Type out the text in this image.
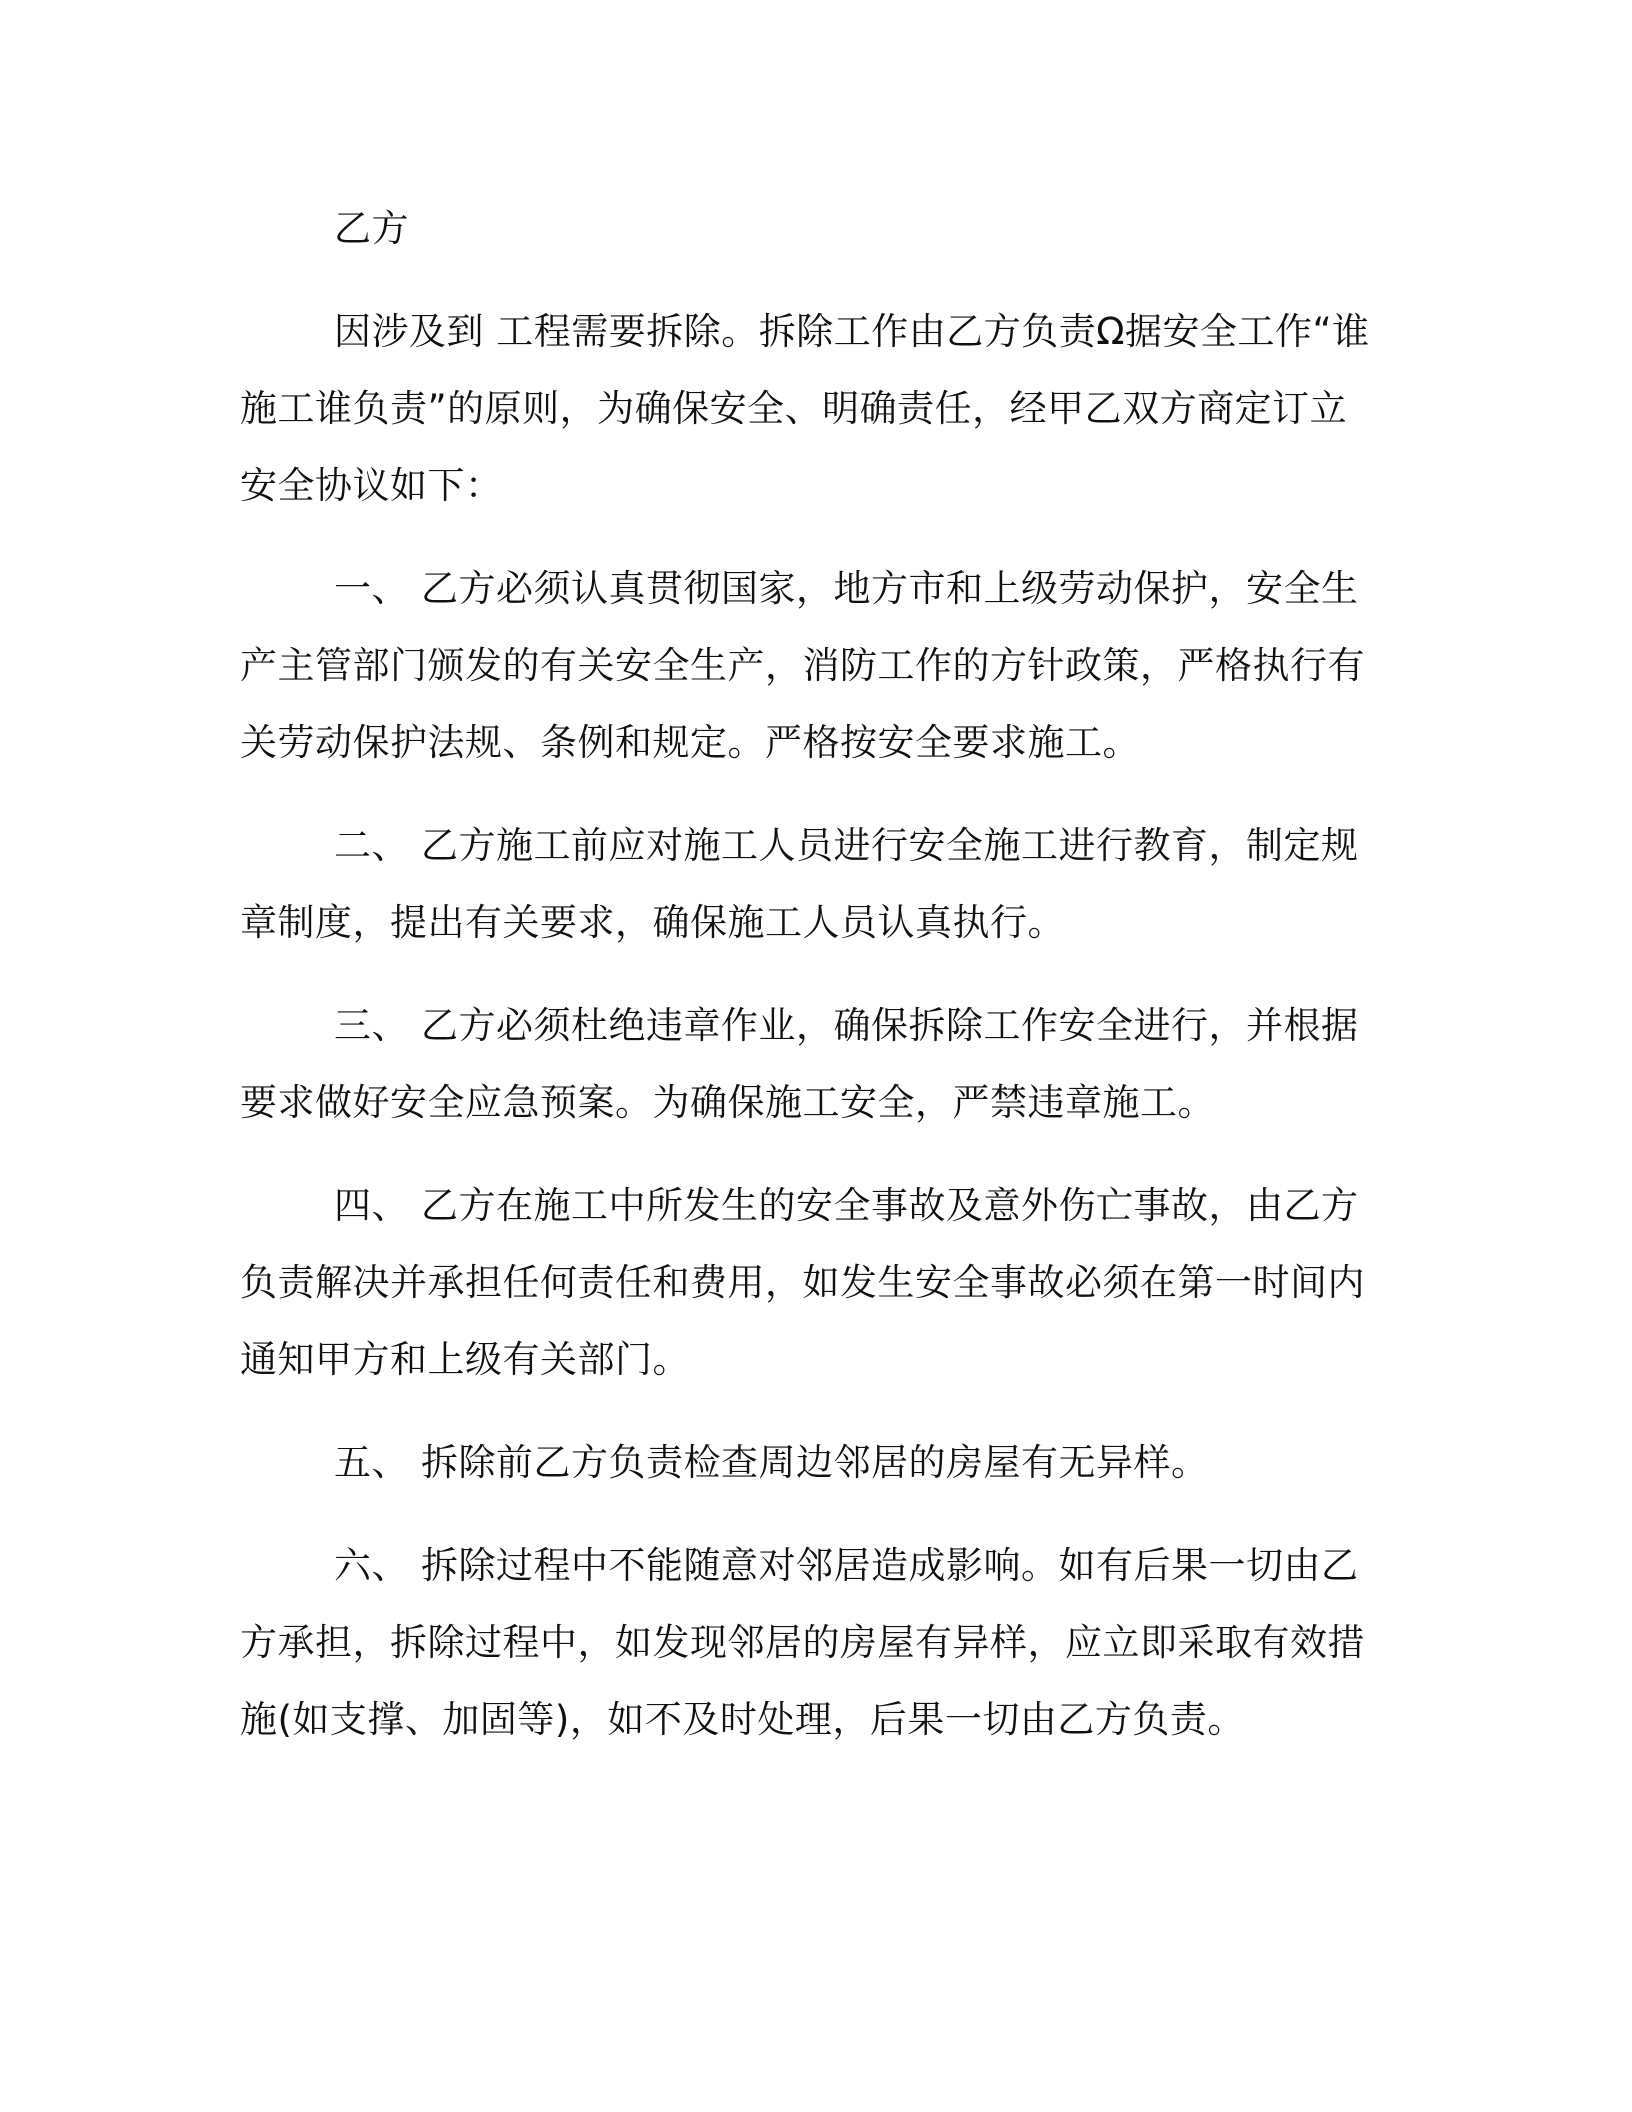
乙方

因涉及到 工程需要拆除。拆除工作由乙方负责Ω据安全工作“谁施工谁负责”的原则，为确保安全、明确责任，经甲乙双方商定订立安全协议如下：

一、 乙方必须认真贯彻国家，地方市和上级劳动保护，安全生产主管部门颁发的有关安全生产，消防工作的方针政策，严格执行有关劳动保护法规、条例和规定。严格按安全要求施工。

二、 乙方施工前应对施工人员进行安全施工进行教育，制定规章制度，提出有关要求，确保施工人员认真执行。

三、 乙方必须杜绝违章作业，确保拆除工作安全进行，并根据要求做好安全应急预案。为确保施工安全，严禁违章施工。

四、 乙方在施工中所发生的安全事故及意外伤亡事故，由乙方负责解决并承担任何责任和费用，如发生安全事故必须在第一时间内通知甲方和上级有关部门。

五、 拆除前乙方负责检查周边邻居的房屋有无异样。

六、 拆除过程中不能随意对邻居造成影响。如有后果一切由乙方承担，拆除过程中，如发现邻居的房屋有异样，应立即采取有效措施(如支撑、加固等)，如不及时处理，后果一切由乙方负责。
